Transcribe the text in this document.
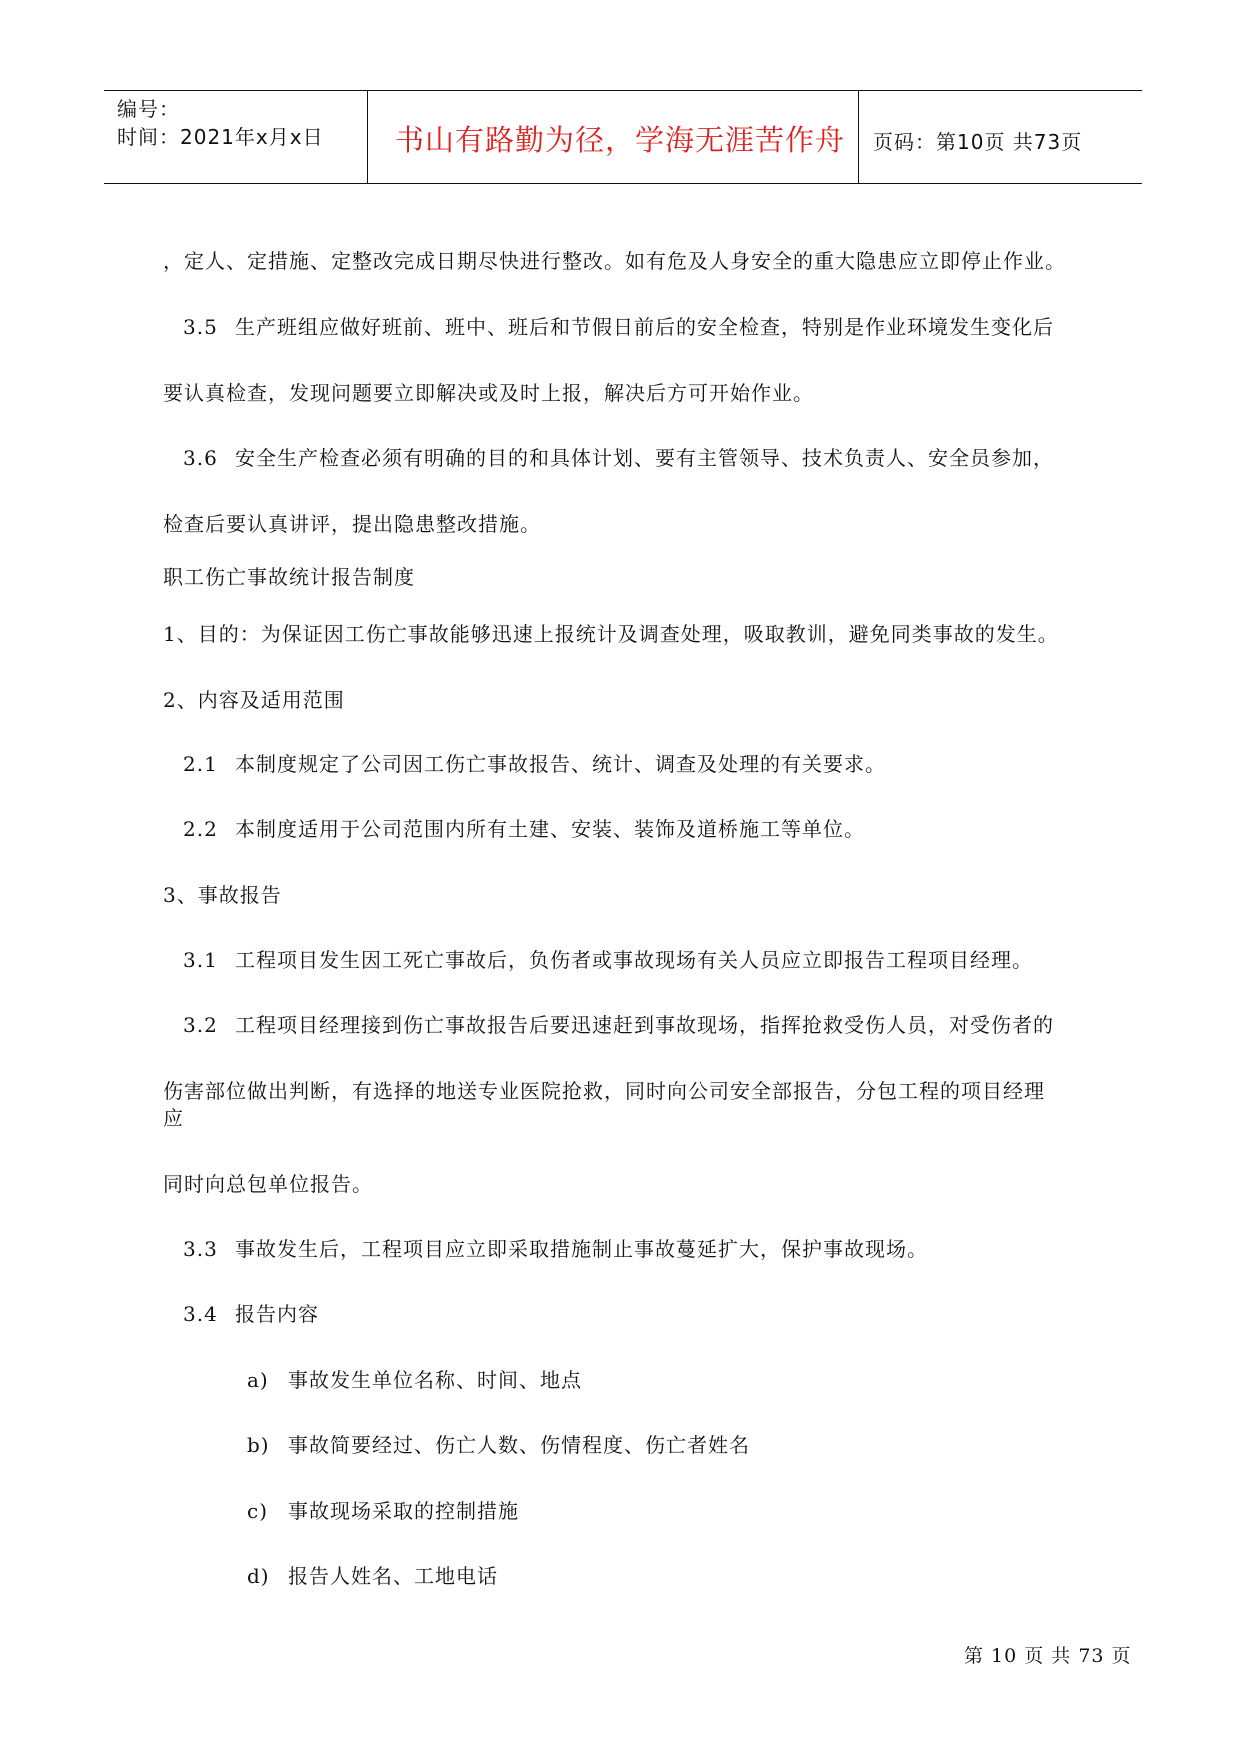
编号：
时间：2021年x月x日 书山有路勤为径，学海无涯苦作舟 页码：第10页 共73页
，定人、定措施、定整改完成日期尽快进行整改。如有危及人身安全的重大隐患应立即停止作业。
3.5 生产班组应做好班前、班中、班后和节假日前后的安全检查，特别是作业环境发生变化后
要认真检查，发现问题要立即解决或及时上报，解决后方可开始作业。
3.6 安全生产检查必须有明确的目的和具体计划、要有主管领导、技术负责人、安全员参加，
检查后要认真讲评，提出隐患整改措施。
职工伤亡事故统计报告制度
1、目的：为保证因工伤亡事故能够迅速上报统计及调查处理，吸取教训，避免同类事故的发生。
2、内容及适用范围
2.1 本制度规定了公司因工伤亡事故报告、统计、调查及处理的有关要求。
2.2 本制度适用于公司范围内所有土建、安装、装饰及道桥施工等单位。
3、事故报告
3.1 工程项目发生因工死亡事故后，负伤者或事故现场有关人员应立即报告工程项目经理。
3.2 工程项目经理接到伤亡事故报告后要迅速赶到事故现场，指挥抢救受伤人员，对受伤者的
伤害部位做出判断，有选择的地送专业医院抢救，同时向公司安全部报告，分包工程的项目经理
应
同时向总包单位报告。
3.3 事故发生后，工程项目应立即采取措施制止事故蔓延扩大，保护事故现场。
3.4 报告内容
a) 事故发生单位名称、时间、地点
b) 事故简要经过、伤亡人数、伤情程度、伤亡者姓名
c) 事故现场采取的控制措施
d) 报告人姓名、工地电话
第 10 页 共 73 页
